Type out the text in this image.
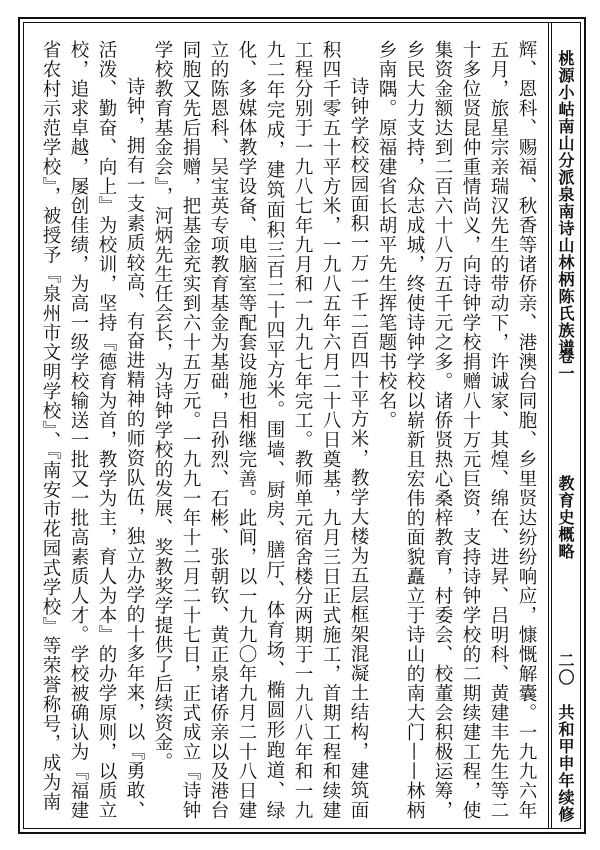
桃源小岵南山分派泉南诗山林柄陈氏族谱
卷一
教育史概略
二〇
共和甲申年续修

辉、恩科、赐福、秋香等诸侨亲、港澳台同胞、乡里贤达纷纷响应，慷慨解囊。一九九六年五月，旅星宗亲瑞汉先生的带动下，许诚家、其煌、绵在、进昇、吕明科、黄建丰先生等二十多位贤昆仲重情尚义，向诗钟学校捐赠八十万元巨资，支持诗钟学校的二期续建工程，使集资金额达到二百六十八万五千元之多。诸侨贤热心桑梓教育，村委会、校董会积极运筹，乡民大力支持，众志成城，终使诗钟学校以崭新且宏伟的面貌矗立于诗山的南大门——林柄乡南隅。原福建省长胡平先生挥笔题书校名。

诗钟学校校园面积一万一千二百四十平方米，教学大楼为五层框架混凝土结构，建筑面积四千零五十平方米，一九八五年六月二十八日奠基，九月三日正式施工，首期工程和续建工程分别于一九八七年九月和一九九七年完工。教师单元宿舍楼分两期于一九八八年和一九九二年完成，建筑面积三百二十四平方米。围墙、厨房、膳厅、体育场、椭圆形跑道、绿化、多媒体教学设备、电脑室等配套设施也相继完善。此间，以一九九〇年九月二十八日建立的陈恩科、吴宝英专项教育基金为基础，吕孙烈、石彬、张朝钦、黄正泉诸侨亲以及港台同胞又先后捐赠，把基金充实到六十五万元。一九九一年十二月二十七日，正式成立『诗钟学校教育基金会』，河炳先生任会长，为诗钟学校的发展、奖教奖学提供了后续资金。

诗钟，拥有一支素质较高、有奋进精神的师资队伍，独立办学的十多年来，以『勇敢、活泼、勤奋、向上』为校训，坚持『德育为首，教学为主，育人为本』的办学原则，以质立校，追求卓越，屡创佳绩，为高一级学校输送一批又一批高素质人才。学校被确认为『福建省农村示范学校』，被授予『泉州市文明学校』、『南安市花园式学校』等荣誉称号，成为南
